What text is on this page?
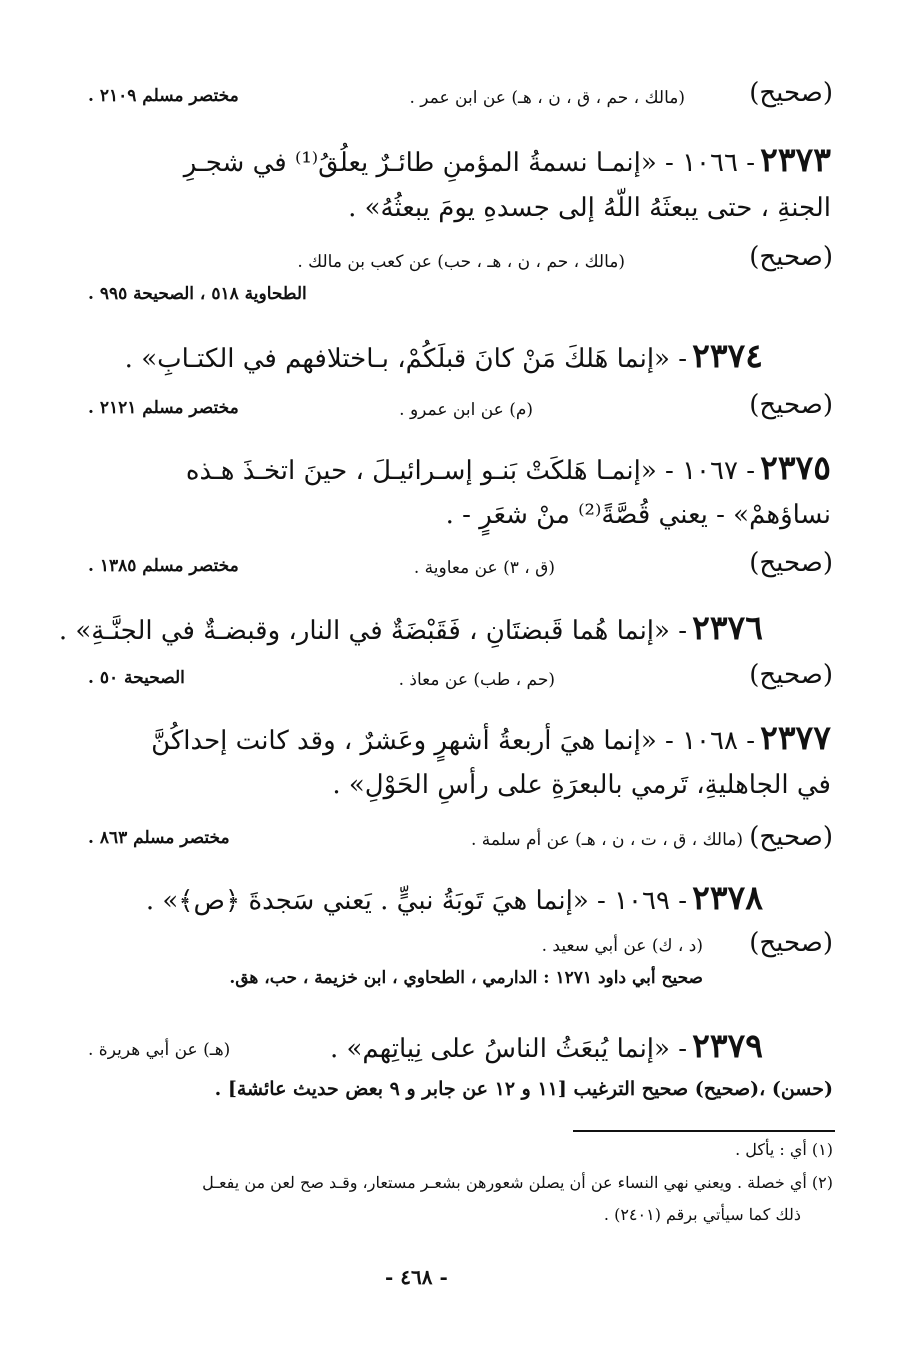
(صحيح)
(مالك ، حم ، ق ، ن ، هـ) عن ابن عمر .
مختصر مسلم ٢١٠٩ .
٢٣٧٣ - ١٠٦٦ - «إنمـا نسمةُ المؤمنِ طائـرٌ يعلُقُ⁽¹⁾ في شجـرِ
الجنةِ ، حتى يبعثَهُ اللّهُ إلى جسدهِ يومَ يبعثُهُ» .
(صحيح)
(مالك ، حم ، ن ، هـ ، حب) عن كعب بن مالك .
الطحاوية ٥١٨ ، الصحيحة ٩٩٥ .
٢٣٧٤ - «إنما هَلكَ مَنْ كانَ قبلَكُمْ، بـاختلافهم في الكتـابِ» .
(صحيح)
(م) عن ابن عمرو .
مختصر مسلم ٢١٢١ .
٢٣٧٥ - ١٠٦٧ - «إنمـا هَلكَتْ بَنـو إسـرائيـلَ ، حينَ اتخـذَ هـذه
نساؤهمْ» - يعني قُصَّةً⁽²⁾ منْ شعَرٍ - .
(صحيح)
(ق ، ٣) عن معاوية .
مختصر مسلم ١٣٨٥ .
٢٣٧٦ - «إنما هُما قَبضتَانِ ، فَقَبْضَةٌ في النار، وقبضـةٌ في الجنَّـةِ» .
(صحيح)
(حم ، طب) عن معاذ .
الصحيحة ٥٠ .
٢٣٧٧ - ١٠٦٨ - «إنما هيَ أربعةُ أشهرٍ وعَشرٌ ، وقد كانت إحداكُنَّ
في الجاهليةِ، تَرمي بالبعرَةِ على رأسِ الحَوْلِ» .
(صحيح)
(مالك ، ق ، ت ، ن ، هـ) عن أم سلمة .
مختصر مسلم ٨٦٣ .
٢٣٧٨ - ١٠٦٩ - «إنما هيَ تَوبَةُ نبيٍّ . يَعني سَجدةَ ﴿ص﴾» .
(صحيح)
(د ، ك) عن أبي سعيد .
صحيح أبي داود ١٢٧١ : الدارمي ، الطحاوي ، ابن خزيمة ، حب، هق.
٢٣٧٩ - «إنما يُبعَثُ الناسُ على نِياتِهم» .
(هـ) عن أبي هريرة .
(حسن) ،(صحيح) صحيح الترغيب [١١ و ١٢ عن جابر و ٩ بعض حديث عائشة] .
(١) أي : يأكل .
(٢) أي خصلة . ويعني نهي النساء عن أن يصلن شعورهن بشعـر مستعار، وقـد صح لعن من يفعـل
ذلك كما سيأتي برقم (٢٤٠١) .
- ٤٦٨ -
